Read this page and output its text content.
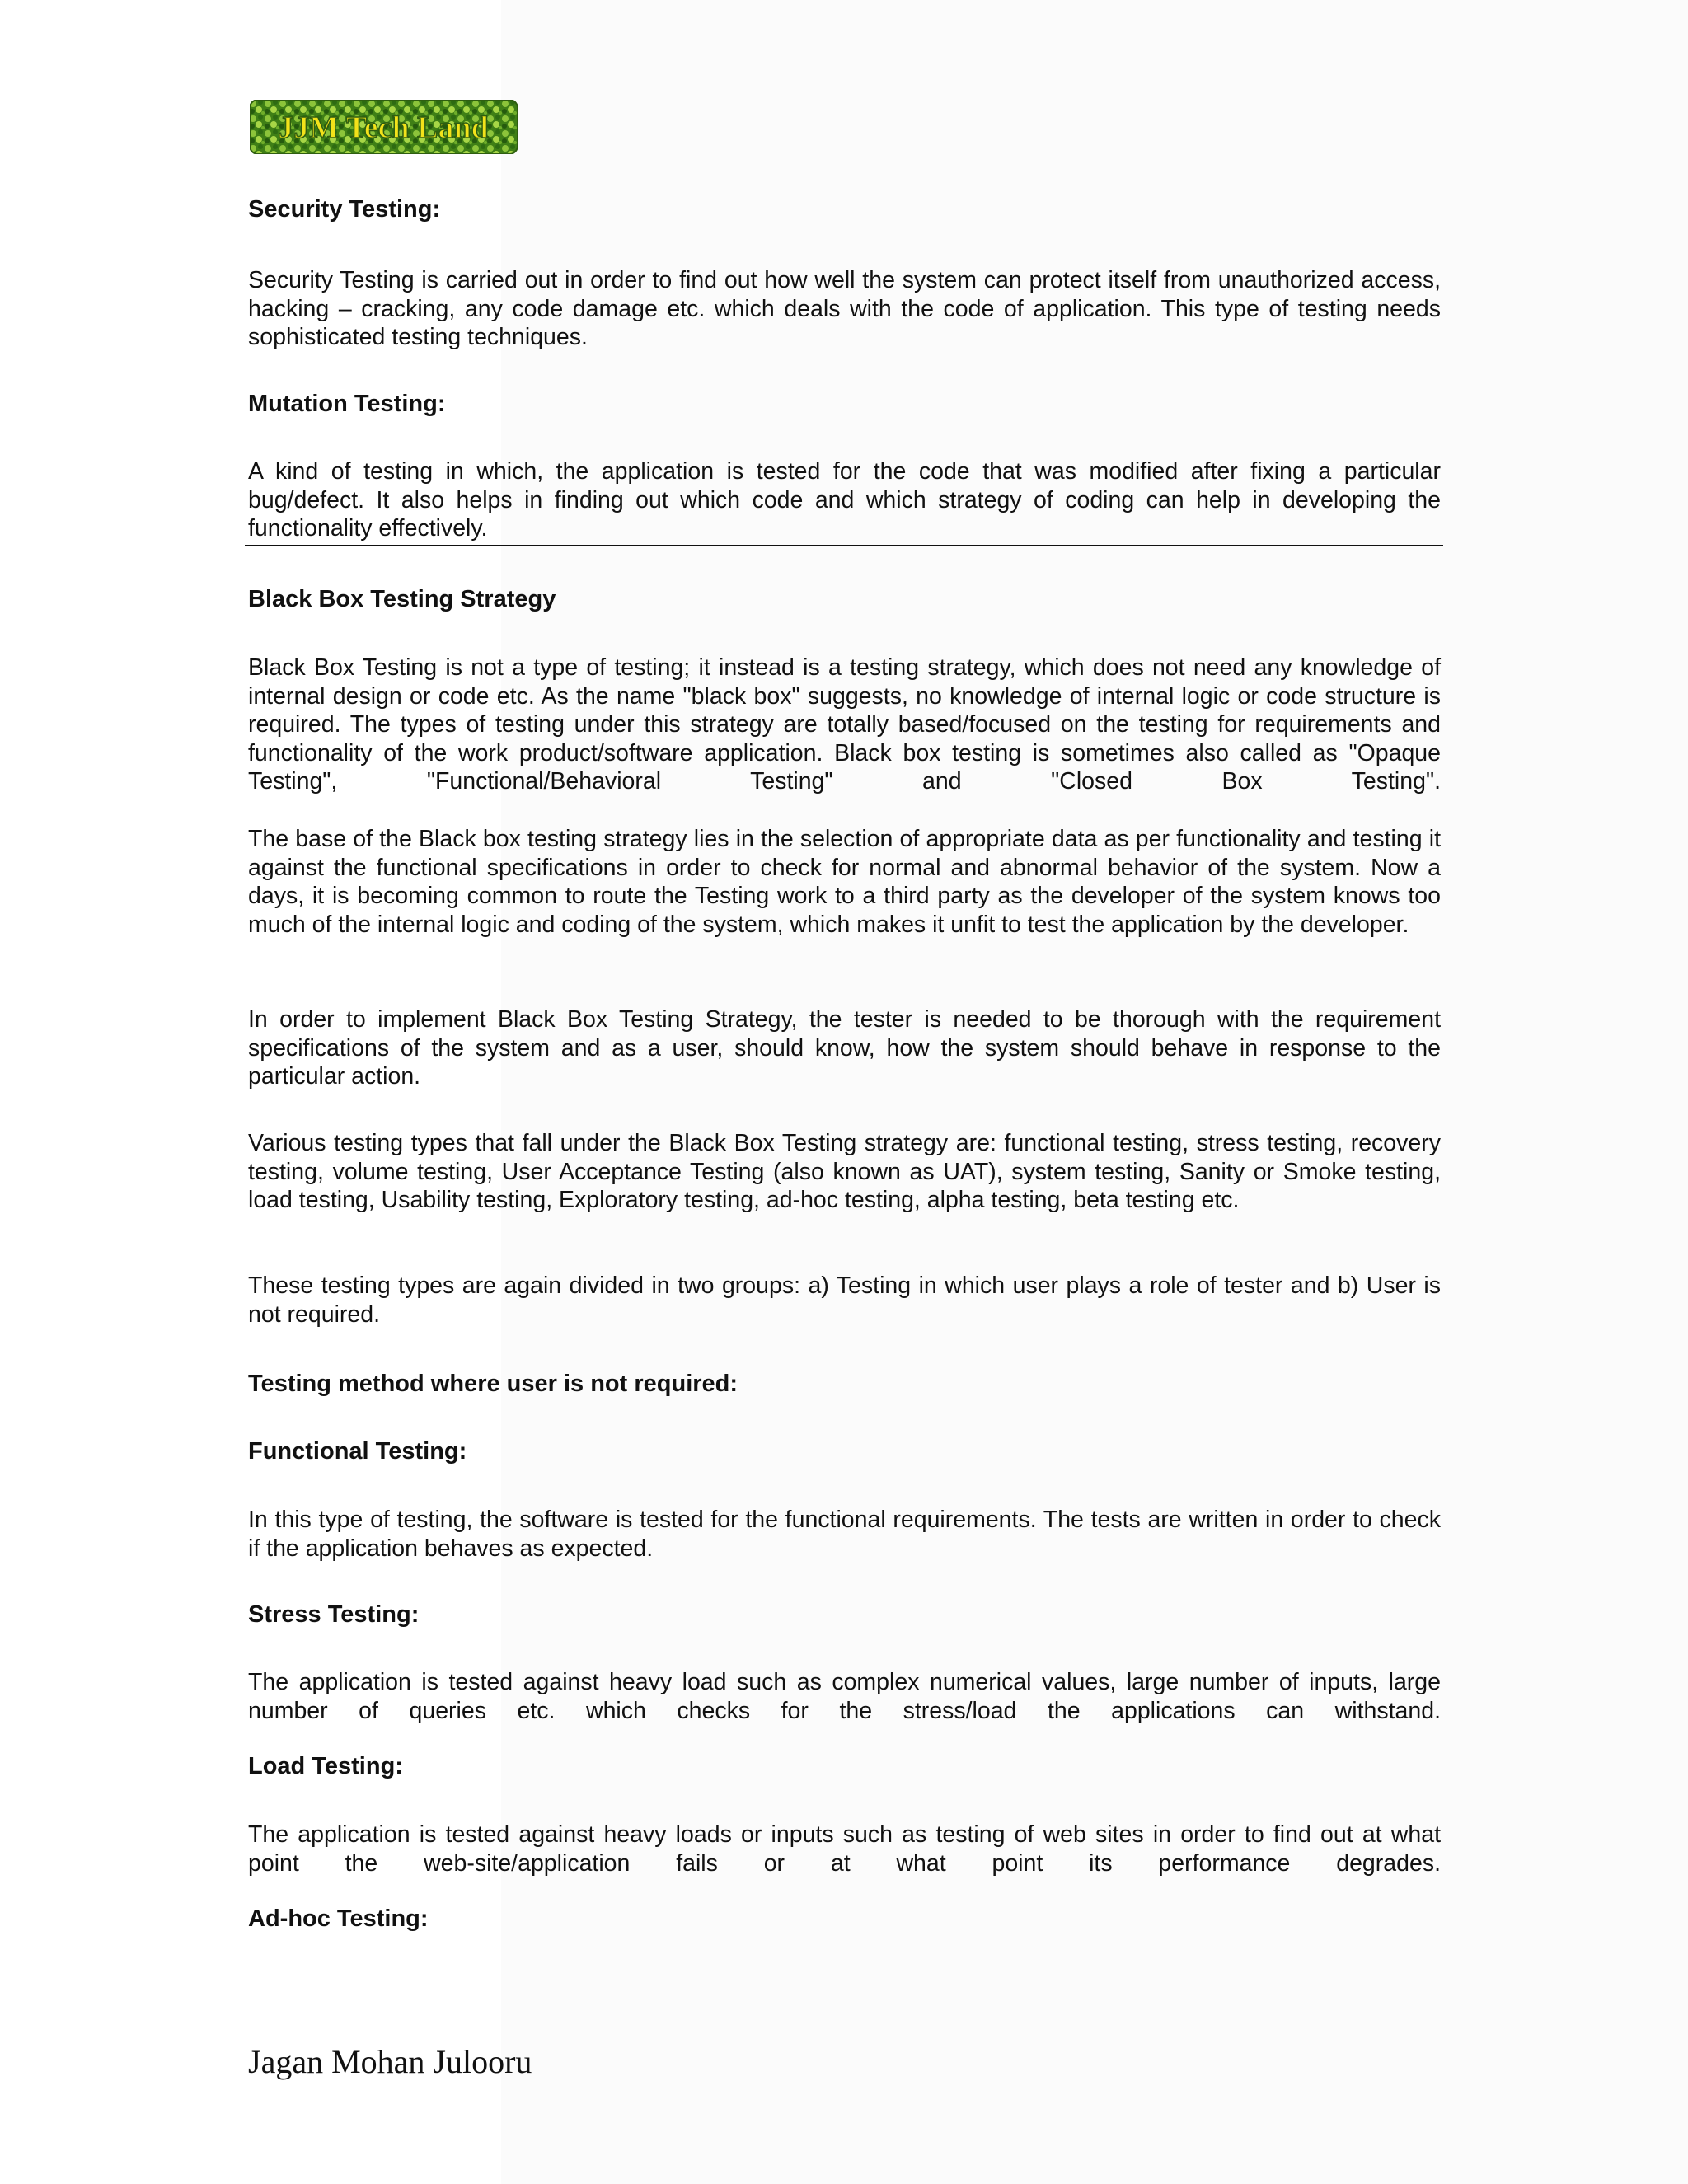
JJM Tech Land
Security Testing:

Security Testing is carried out in order to find out how well the system can protect itself from unauthorized access, hacking – cracking, any code damage etc. which deals with the code of application. This type of testing needs sophisticated testing techniques.

Mutation Testing:

A kind of testing in which, the application is tested for the code that was modified after fixing a particular bug/defect. It also helps in finding out which code and which strategy of coding can help in developing the functionality effectively.

Black Box Testing Strategy

Black Box Testing is not a type of testing; it instead is a testing strategy, which does not need any knowledge of internal design or code etc. As the name "black box" suggests, no knowledge of internal logic or code structure is required. The types of testing under this strategy are totally based/focused on the testing for requirements and functionality of the work product/software application. Black box testing is sometimes also called as "Opaque Testing", "Functional/Behavioral Testing" and "Closed Box Testing".

The base of the Black box testing strategy lies in the selection of appropriate data as per functionality and testing it against the functional specifications in order to check for normal and abnormal behavior of the system. Now a days, it is becoming common to route the Testing work to a third party as the developer of the system knows too much of the internal logic and coding of the system, which makes it unfit to test the application by the developer.

In order to implement Black Box Testing Strategy, the tester is needed to be thorough with the requirement specifications of the system and as a user, should know, how the system should behave in response to the particular action.

Various testing types that fall under the Black Box Testing strategy are: functional testing, stress testing, recovery testing, volume testing, User Acceptance Testing (also known as UAT), system testing, Sanity or Smoke testing, load testing, Usability testing, Exploratory testing, ad-hoc testing, alpha testing, beta testing etc.

These testing types are again divided in two groups: a) Testing in which user plays a role of tester and b) User is not required.

Testing method where user is not required:
Functional Testing:

In this type of testing, the software is tested for the functional requirements. The tests are written in order to check if the application behaves as expected.

Stress Testing:

The application is tested against heavy load such as complex numerical values, large number of inputs, large number of queries etc. which checks for the stress/load the applications can withstand.

Load Testing:

The application is tested against heavy loads or inputs such as testing of web sites in order to find out at what point the web-site/application fails or at what point its performance degrades.

Ad-hoc Testing:
Jagan Mohan Julooru
